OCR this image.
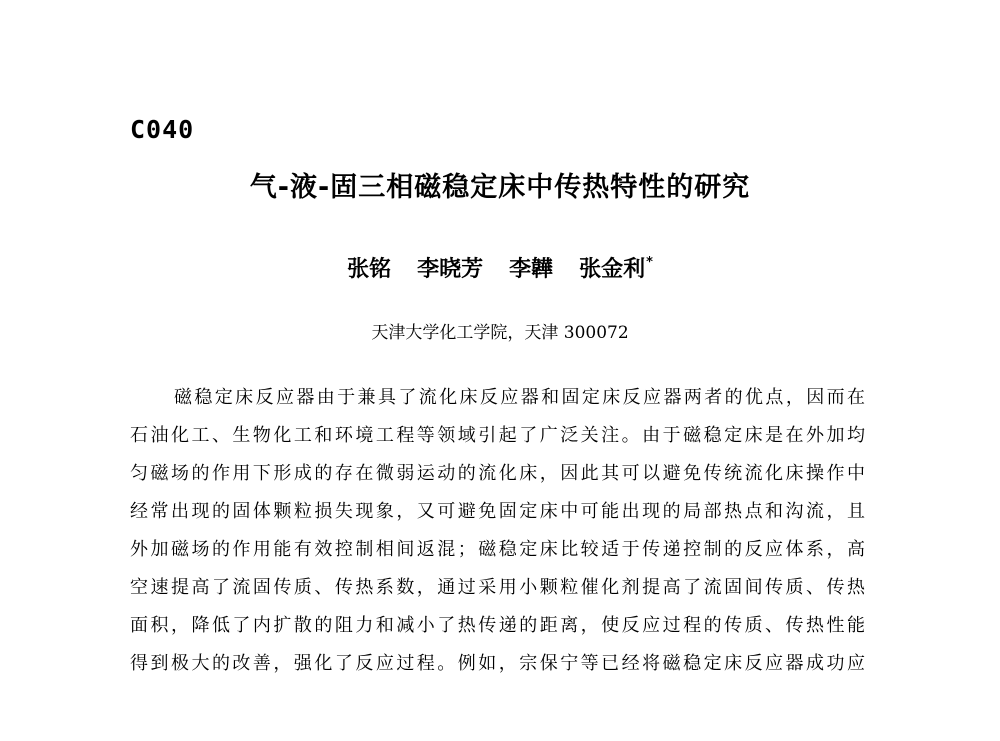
C040
气-液-固三相磁稳定床中传热特性的研究
张铭 李晓芳 李韡 张金利*
天津大学化工学院，天津 300072
磁稳定床反应器由于兼具了流化床反应器和固定床反应器两者的优点，因而在
石油化工、生物化工和环境工程等领域引起了广泛关注。由于磁稳定床是在外加均
匀磁场的作用下形成的存在微弱运动的流化床，因此其可以避免传统流化床操作中
经常出现的固体颗粒损失现象，又可避免固定床中可能出现的局部热点和沟流，且
外加磁场的作用能有效控制相间返混；磁稳定床比较适于传递控制的反应体系，高
空速提高了流固传质、传热系数，通过采用小颗粒催化剂提高了流固间传质、传热
面积，降低了内扩散的阻力和减小了热传递的距离，使反应过程的传质、传热性能
得到极大的改善，强化了反应过程。例如，宗保宁等已经将磁稳定床反应器成功应
